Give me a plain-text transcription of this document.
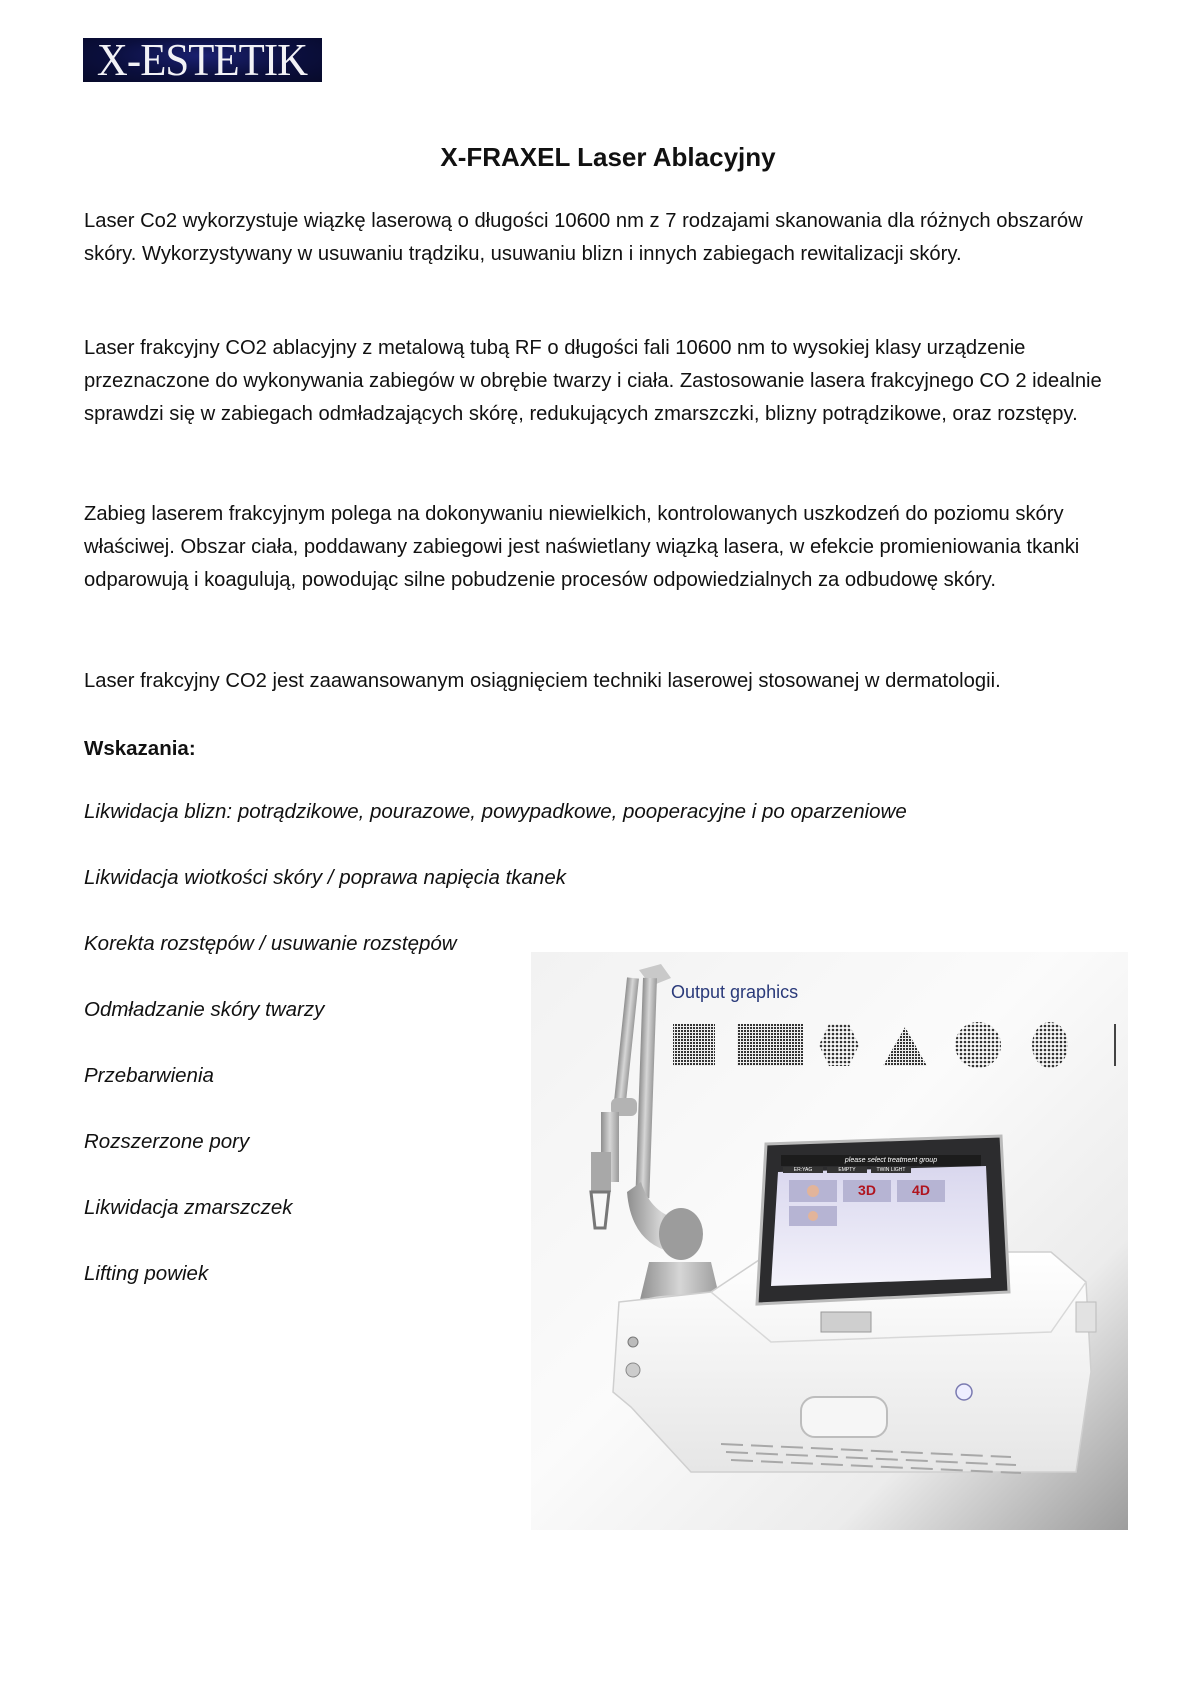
X-ESTETIK
X-FRAXEL Laser Ablacyjny

Laser Co2 wykorzystuje wiązkę laserową o długości 10600 nm z 7 rodzajami skanowania dla różnych obszarów skóry. Wykorzystywany w usuwaniu trądziku, usuwaniu blizn i innych zabiegach rewitalizacji skóry.

Laser frakcyjny CO2 ablacyjny z metalową tubą RF o długości fali 10600 nm to wysokiej klasy urządzenie przeznaczone do wykonywania zabiegów w obrębie twarzy i ciała. Zastosowanie lasera frakcyjnego CO 2 idealnie sprawdzi się w zabiegach odmładzających skórę, redukujących zmarszczki, blizny potrądzikowe, oraz rozstępy.

Zabieg laserem frakcyjnym polega na dokonywaniu niewielkich, kontrolowanych uszkodzeń do poziomu skóry właściwej. Obszar ciała, poddawany zabiegowi jest naświetlany wiązką lasera, w efekcie promieniowania tkanki odparowują i koagulują, powodując silne pobudzenie procesów odpowiedzialnych za odbudowę skóry.

Laser frakcyjny CO2 jest zaawansowanym osiągnięciem techniki laserowej stosowanej w dermatologii.

Wskazania:
Likwidacja blizn: potrądzikowe, pourazowe, powypadkowe, pooperacyjne i po oparzeniowe
Likwidacja wiotkości skóry / poprawa napięcia tkanek
Korekta rozstępów / usuwanie rozstępów
Odmładzanie skóry twarzy
Przebarwienia
Rozszerzone pory
Likwidacja zmarszczek
Lifting powiek
Output graphics
please select treatment group
ER:YAG	EMPTY	TWIN LIGHT
3D	4D
